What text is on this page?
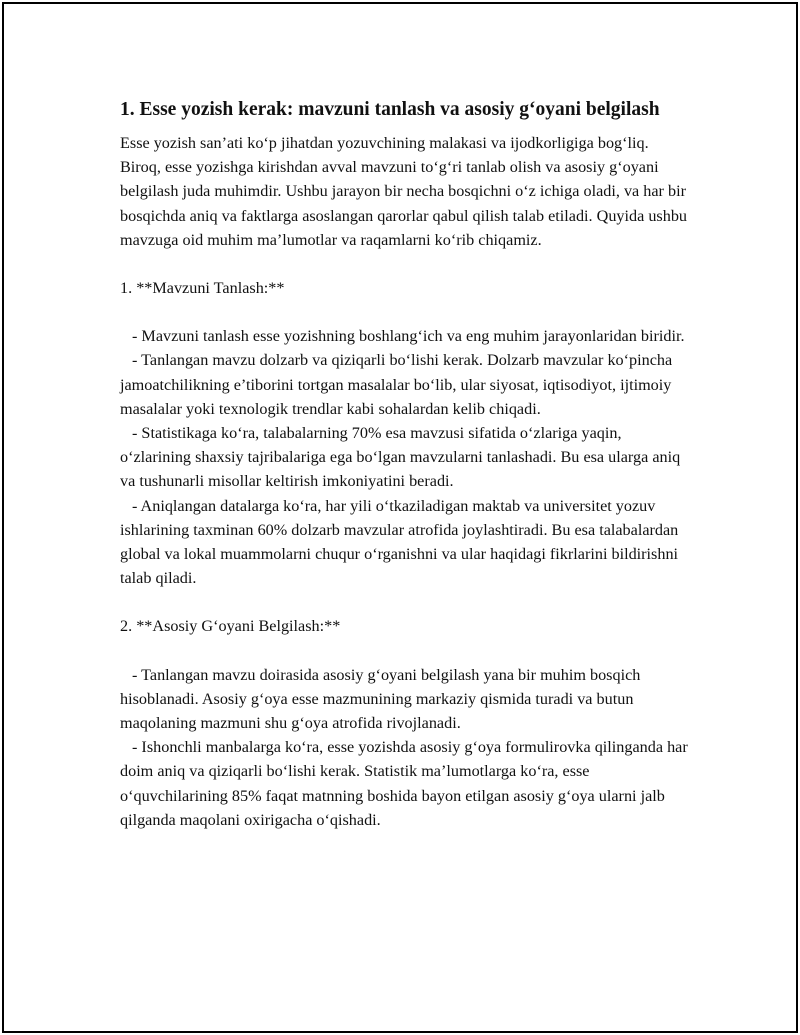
1. Esse yozish kerak: mavzuni tanlash va asosiy g‘oyani belgilash

Esse yozish san’ati ko‘p jihatdan yozuvchining malakasi va ijodkorligiga bog‘liq. Biroq, esse yozishga kirishdan avval mavzuni to‘g‘ri tanlab olish va asosiy g‘oyani belgilash juda muhimdir. Ushbu jarayon bir necha bosqichni o‘z ichiga oladi, va har bir bosqichda aniq va faktlarga asoslangan qarorlar qabul qilish talab etiladi. Quyida ushbu mavzuga oid muhim ma’lumotlar va raqamlarni ko‘rib chiqamiz.

1. **Mavzuni Tanlash:**

- Mavzuni tanlash esse yozishning boshlang‘ich va eng muhim jarayonlaridan biridir.

- Tanlangan mavzu dolzarb va qiziqarli bo‘lishi kerak. Dolzarb mavzular ko‘pincha jamoatchilikning e’tiborini tortgan masalalar bo‘lib, ular siyosat, iqtisodiyot, ijtimoiy masalalar yoki texnologik trendlar kabi sohalardan kelib chiqadi.

- Statistikaga ko‘ra, talabalarning 70% esa mavzusi sifatida o‘zlariga yaqin, o‘zlarining shaxsiy tajribalariga ega bo‘lgan mavzularni tanlashadi. Bu esa ularga aniq va tushunarli misollar keltirish imkoniyatini beradi.

- Aniqlangan datalarga ko‘ra, har yili o‘tkaziladigan maktab va universitet yozuv ishlarining taxminan 60% dolzarb mavzular atrofida joylashtiradi. Bu esa talabalardan global va lokal muammolarni chuqur o‘rganishni va ular haqidagi fikrlarini bildirishni talab qiladi.

2. **Asosiy G‘oyani Belgilash:**

- Tanlangan mavzu doirasida asosiy g‘oyani belgilash yana bir muhim bosqich hisoblanadi. Asosiy g‘oya esse mazmunining markaziy qismida turadi va butun maqolaning mazmuni shu g‘oya atrofida rivojlanadi.

- Ishonchli manbalarga ko‘ra, esse yozishda asosiy g‘oya formulirovka qilinganda har doim aniq va qiziqarli bo‘lishi kerak. Statistik ma’lumotlarga ko‘ra, esse o‘quvchilarining 85% faqat matnning boshida bayon etilgan asosiy g‘oya ularni jalb qilganda maqolani oxirigacha o‘qishadi.
